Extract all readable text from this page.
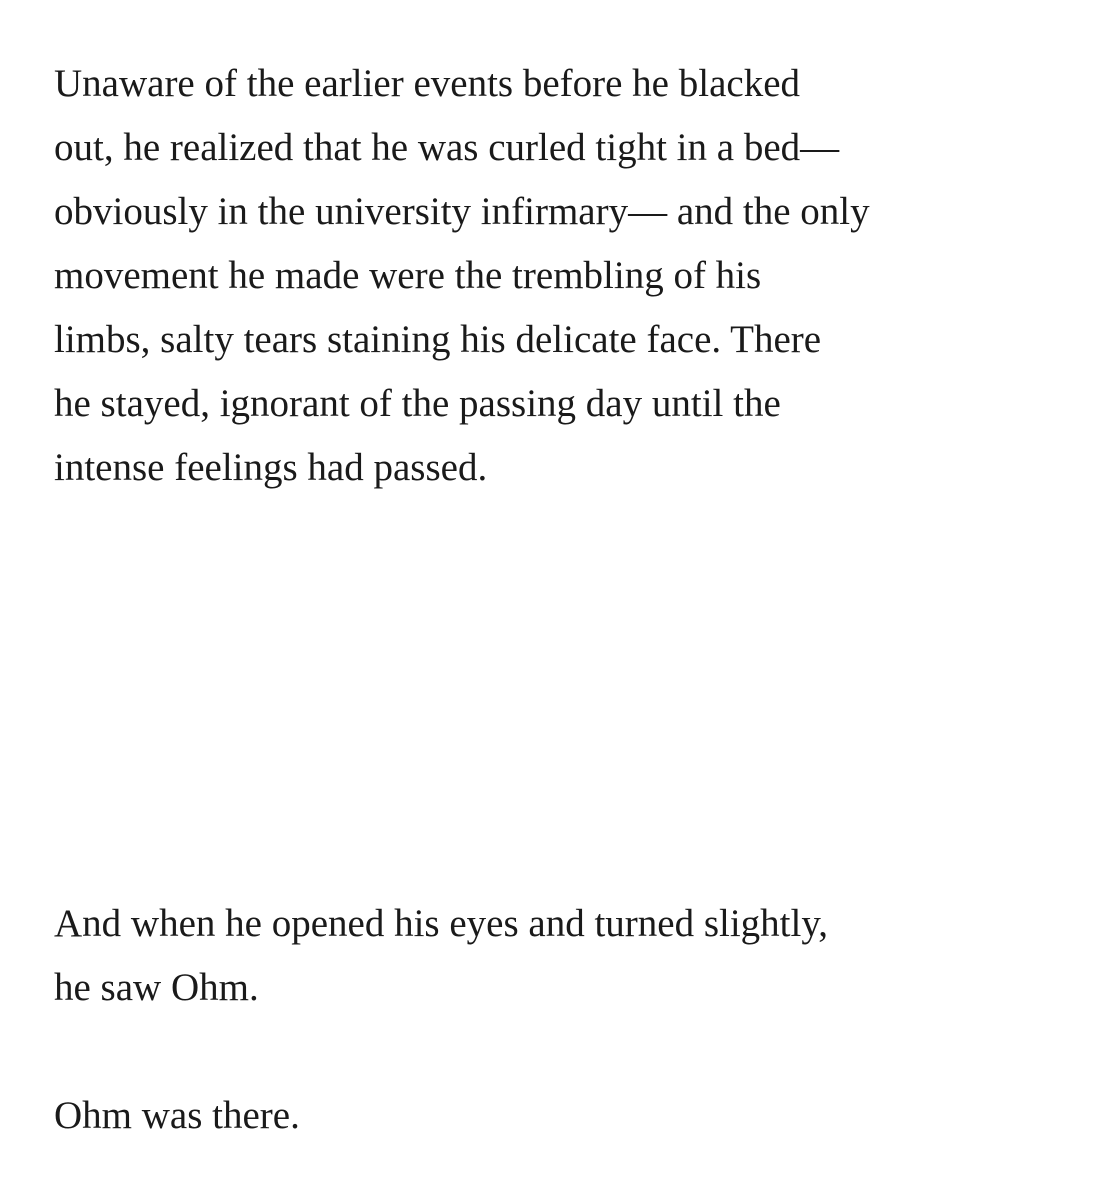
Unaware of the earlier events before he blacked
out, he realized that he was curled tight in a bed—
obviously in the university infirmary— and the only
movement he made were the trembling of his
limbs, salty tears staining his delicate face. There
he stayed, ignorant of the passing day until the
intense feelings had passed.

And when he opened his eyes and turned slightly,
he saw Ohm.

Ohm was there.
